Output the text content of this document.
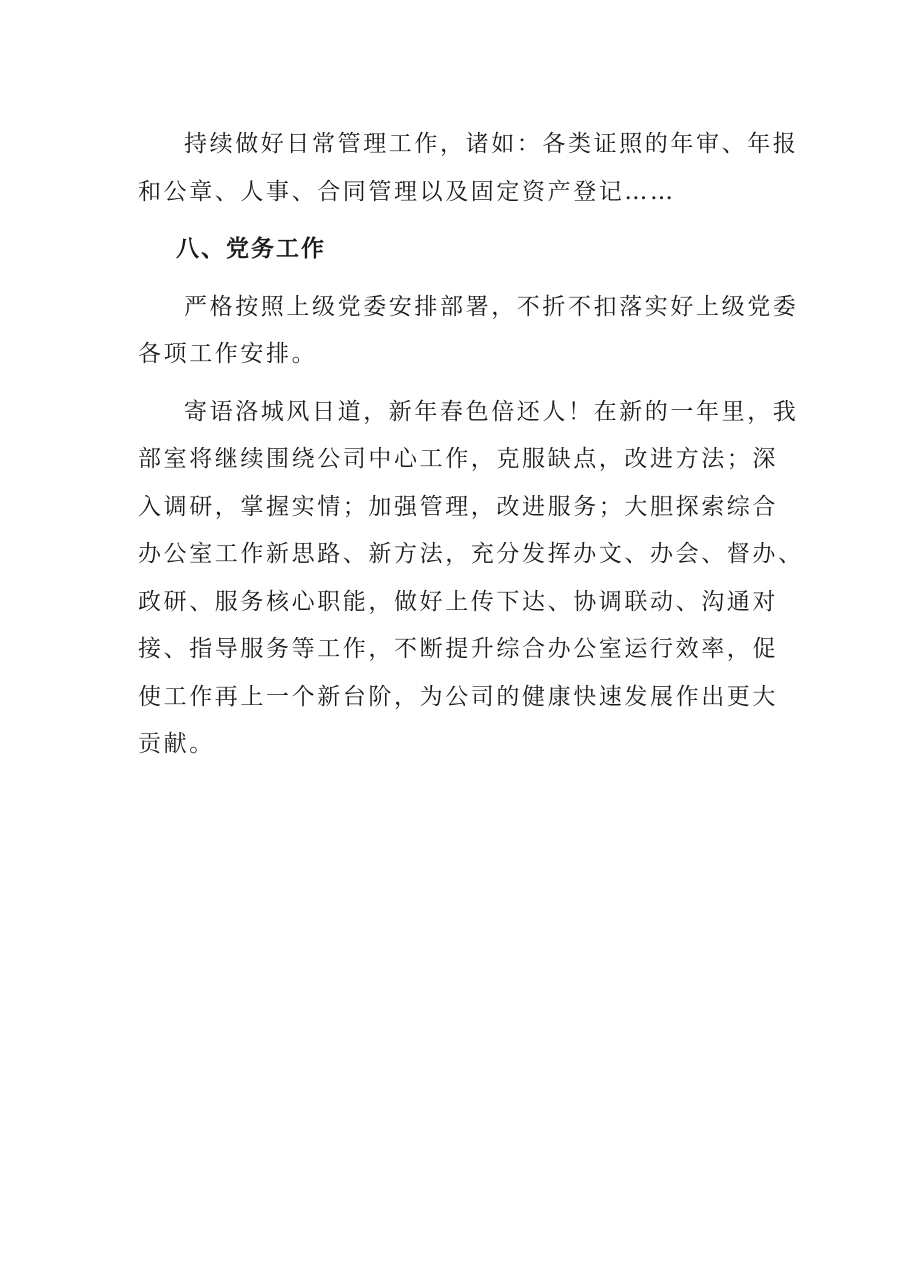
持续做好日常管理工作，诸如：各类证照的年审、年报
和公章、人事、合同管理以及固定资产登记……

八、党务工作

严格按照上级党委安排部署，不折不扣落实好上级党委
各项工作安排。

寄语洛城风日道，新年春色倍还人！在新的一年里，我
部室将继续围绕公司中心工作，克服缺点，改进方法；深
入调研，掌握实情；加强管理，改进服务；大胆探索综合
办公室工作新思路、新方法，充分发挥办文、办会、督办、
政研、服务核心职能，做好上传下达、协调联动、沟通对
接、指导服务等工作，不断提升综合办公室运行效率，促
使工作再上一个新台阶，为公司的健康快速发展作出更大
贡献。
